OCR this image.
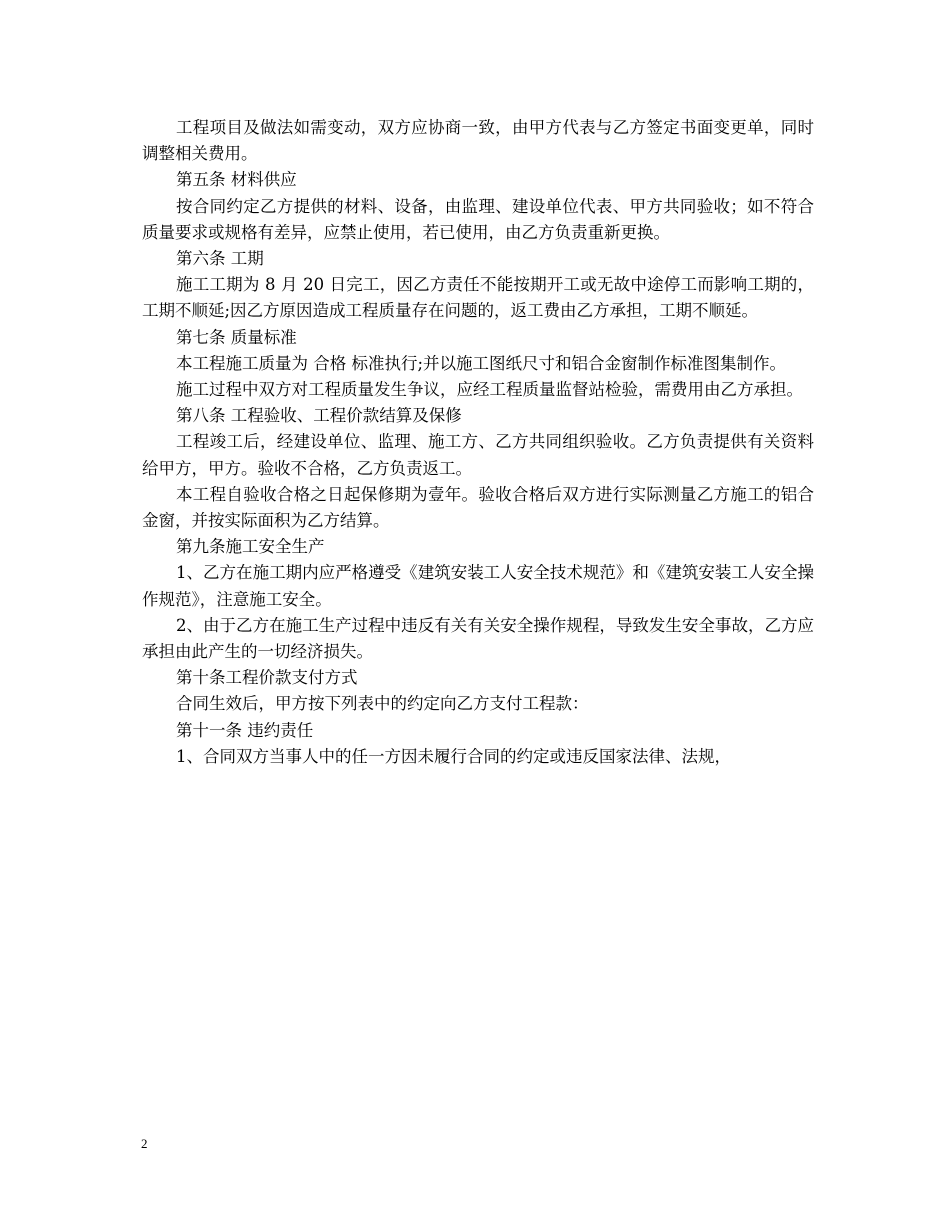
工程项目及做法如需变动，双方应协商一致，由甲方代表与乙方签定书面变更单，同时调整相关费用。

第五条 材料供应

按合同约定乙方提供的材料、设备，由监理、建设单位代表、甲方共同验收；如不符合质量要求或规格有差异，应禁止使用，若已使用，由乙方负责重新更换。

第六条 工期

施工工期为 8 月 20 日完工，因乙方责任不能按期开工或无故中途停工而影响工期的，工期不顺延;因乙方原因造成工程质量存在问题的，返工费由乙方承担，工期不顺延。

第七条 质量标准

本工程施工质量为 合格 标准执行;并以施工图纸尺寸和铝合金窗制作标准图集制作。

施工过程中双方对工程质量发生争议，应经工程质量监督站检验，需费用由乙方承担。

第八条 工程验收、工程价款结算及保修

工程竣工后，经建设单位、监理、施工方、乙方共同组织验收。乙方负责提供有关资料给甲方，甲方。验收不合格，乙方负责返工。

本工程自验收合格之日起保修期为壹年。验收合格后双方进行实际测量乙方施工的铝合金窗，并按实际面积为乙方结算。

第九条施工安全生产

1、乙方在施工期内应严格遵受《建筑安装工人安全技术规范》和《建筑安装工人安全操作规范》，注意施工安全。

2、由于乙方在施工生产过程中违反有关有关安全操作规程，导致发生安全事故，乙方应承担由此产生的一切经济损失。

第十条工程价款支付方式

合同生效后，甲方按下列表中的约定向乙方支付工程款：

第十一条 违约责任

1、合同双方当事人中的任一方因未履行合同的约定或违反国家法律、法规，

2
